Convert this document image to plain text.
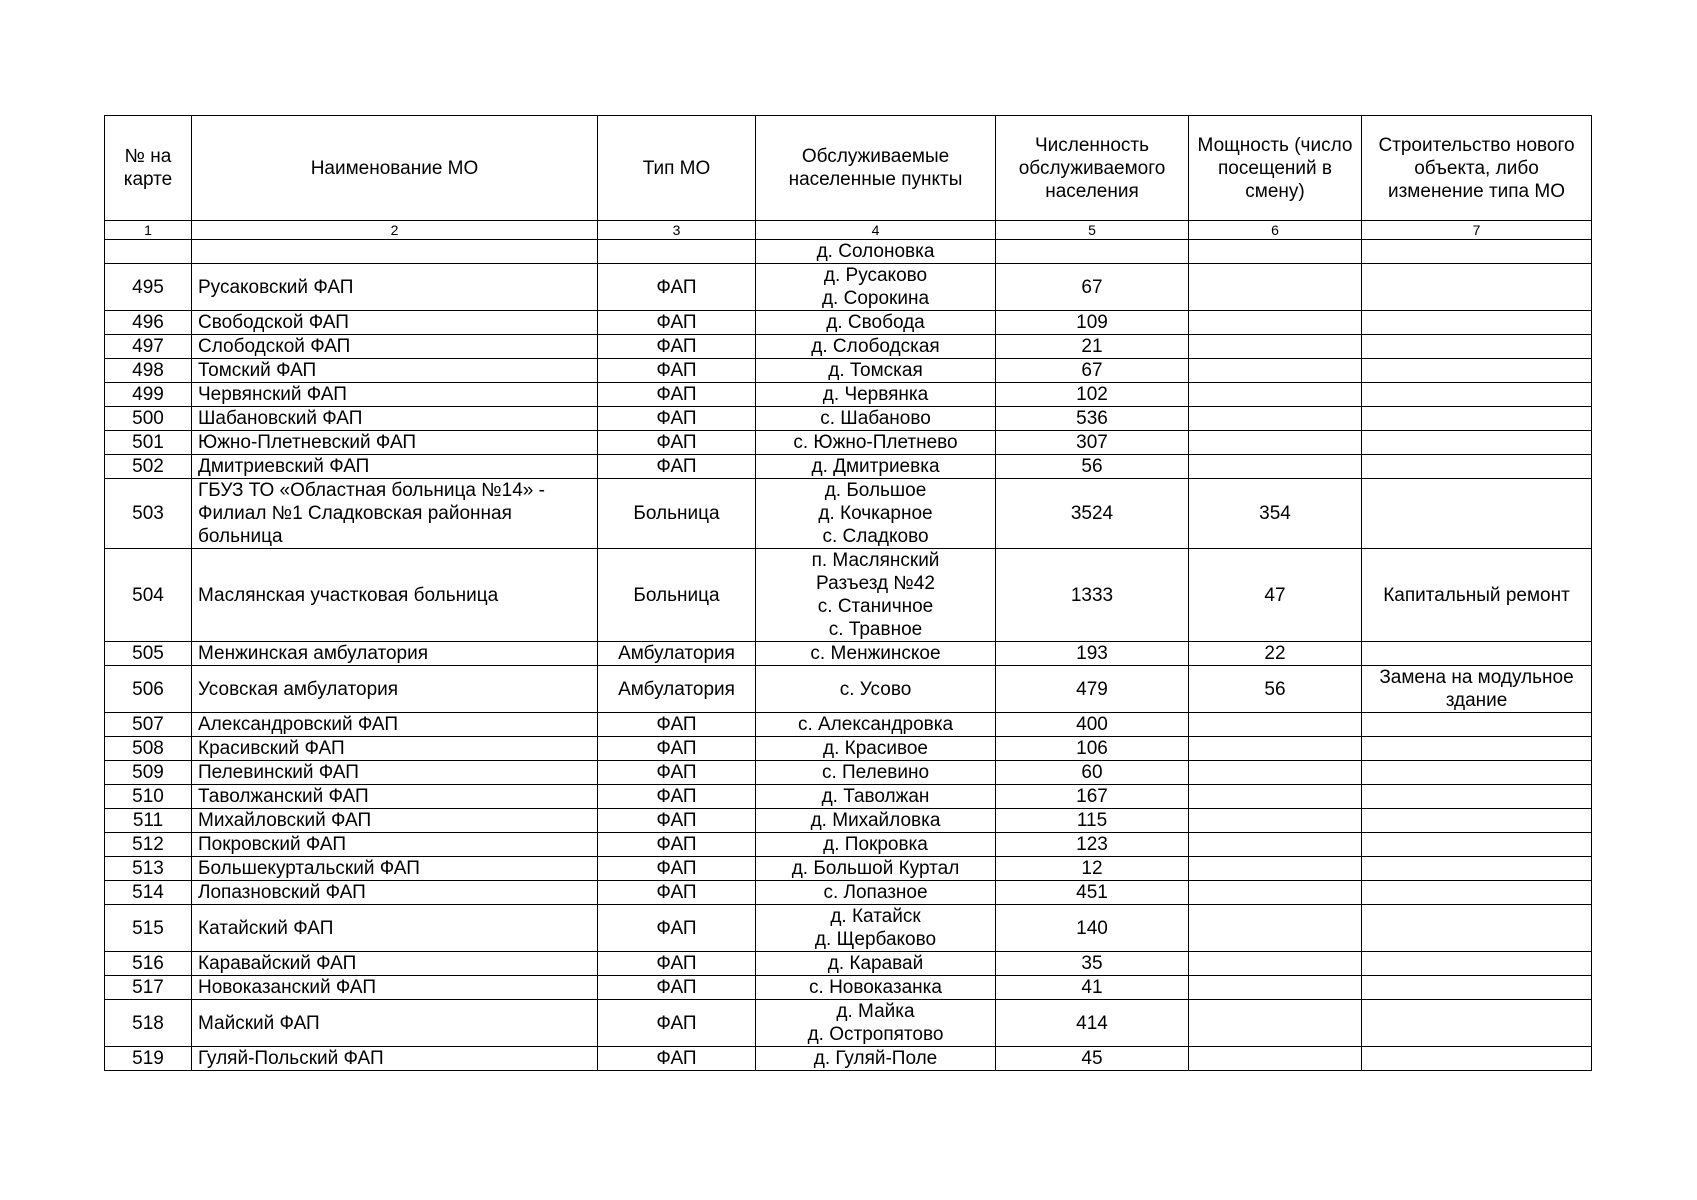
№ на карте	Наименование МО	Тип МО	Обслуживаемые населенные пункты	Численность обслуживаемого населения	Мощность (число посещений в смену)	Строительство нового объекта, либо изменение типа МО
1	2	3	4	5	6	7

			д. Солоновка			

495	Русаковский ФАП	ФАП	д. Русаково
д. Сорокина	67		
496	Свободской ФАП	ФАП	д. Свобода	109		
497	Слободской ФАП	ФАП	д. Слободская	21		
498	Томский ФАП	ФАП	д. Томская	67		
499	Червянский ФАП	ФАП	д. Червянка	102		
500	Шабановский ФАП	ФАП	с. Шабаново	536		
501	Южно-Плетневский ФАП	ФАП	с. Южно-Плетнево	307		
502	Дмитриевский ФАП	ФАП	д. Дмитриевка	56		
503	ГБУЗ ТО «Областная больница №14» - Филиал №1 Сладковская районная больница	Больница	д. Большое
д. Кочкарное
с. Сладково	3524	354	
504	Маслянская участковая больница	Больница	п. Маслянский
Разъезд №42
с. Станичное
с. Травное	1333	47	Капитальный ремонт
505	Менжинская амбулатория	Амбулатория	с. Менжинское	193	22	
506	Усовская амбулатория	Амбулатория	с. Усово	479	56	Замена на модульное здание
507	Александровский ФАП	ФАП	с. Александровка	400		
508	Красивский ФАП	ФАП	д. Красивое	106		
509	Пелевинский ФАП	ФАП	с. Пелевино	60		
510	Таволжанский ФАП	ФАП	д. Таволжан	167		
511	Михайловский ФАП	ФАП	д. Михайловка	115		
512	Покровский ФАП	ФАП	д. Покровка	123		
513	Большекуртальский ФАП	ФАП	д. Большой Куртал	12		
514	Лопазновский ФАП	ФАП	с. Лопазное	451		
515	Катайский ФАП	ФАП	д. Катайск
д. Щербаково	140		
516	Каравайский ФАП	ФАП	д. Каравай	35		
517	Новоказанский ФАП	ФАП	с. Новоказанка	41		
518	Майский ФАП	ФАП	д. Майка
д. Остропятово	414		
519	Гуляй-Польский ФАП	ФАП	д. Гуляй-Поле	45		
